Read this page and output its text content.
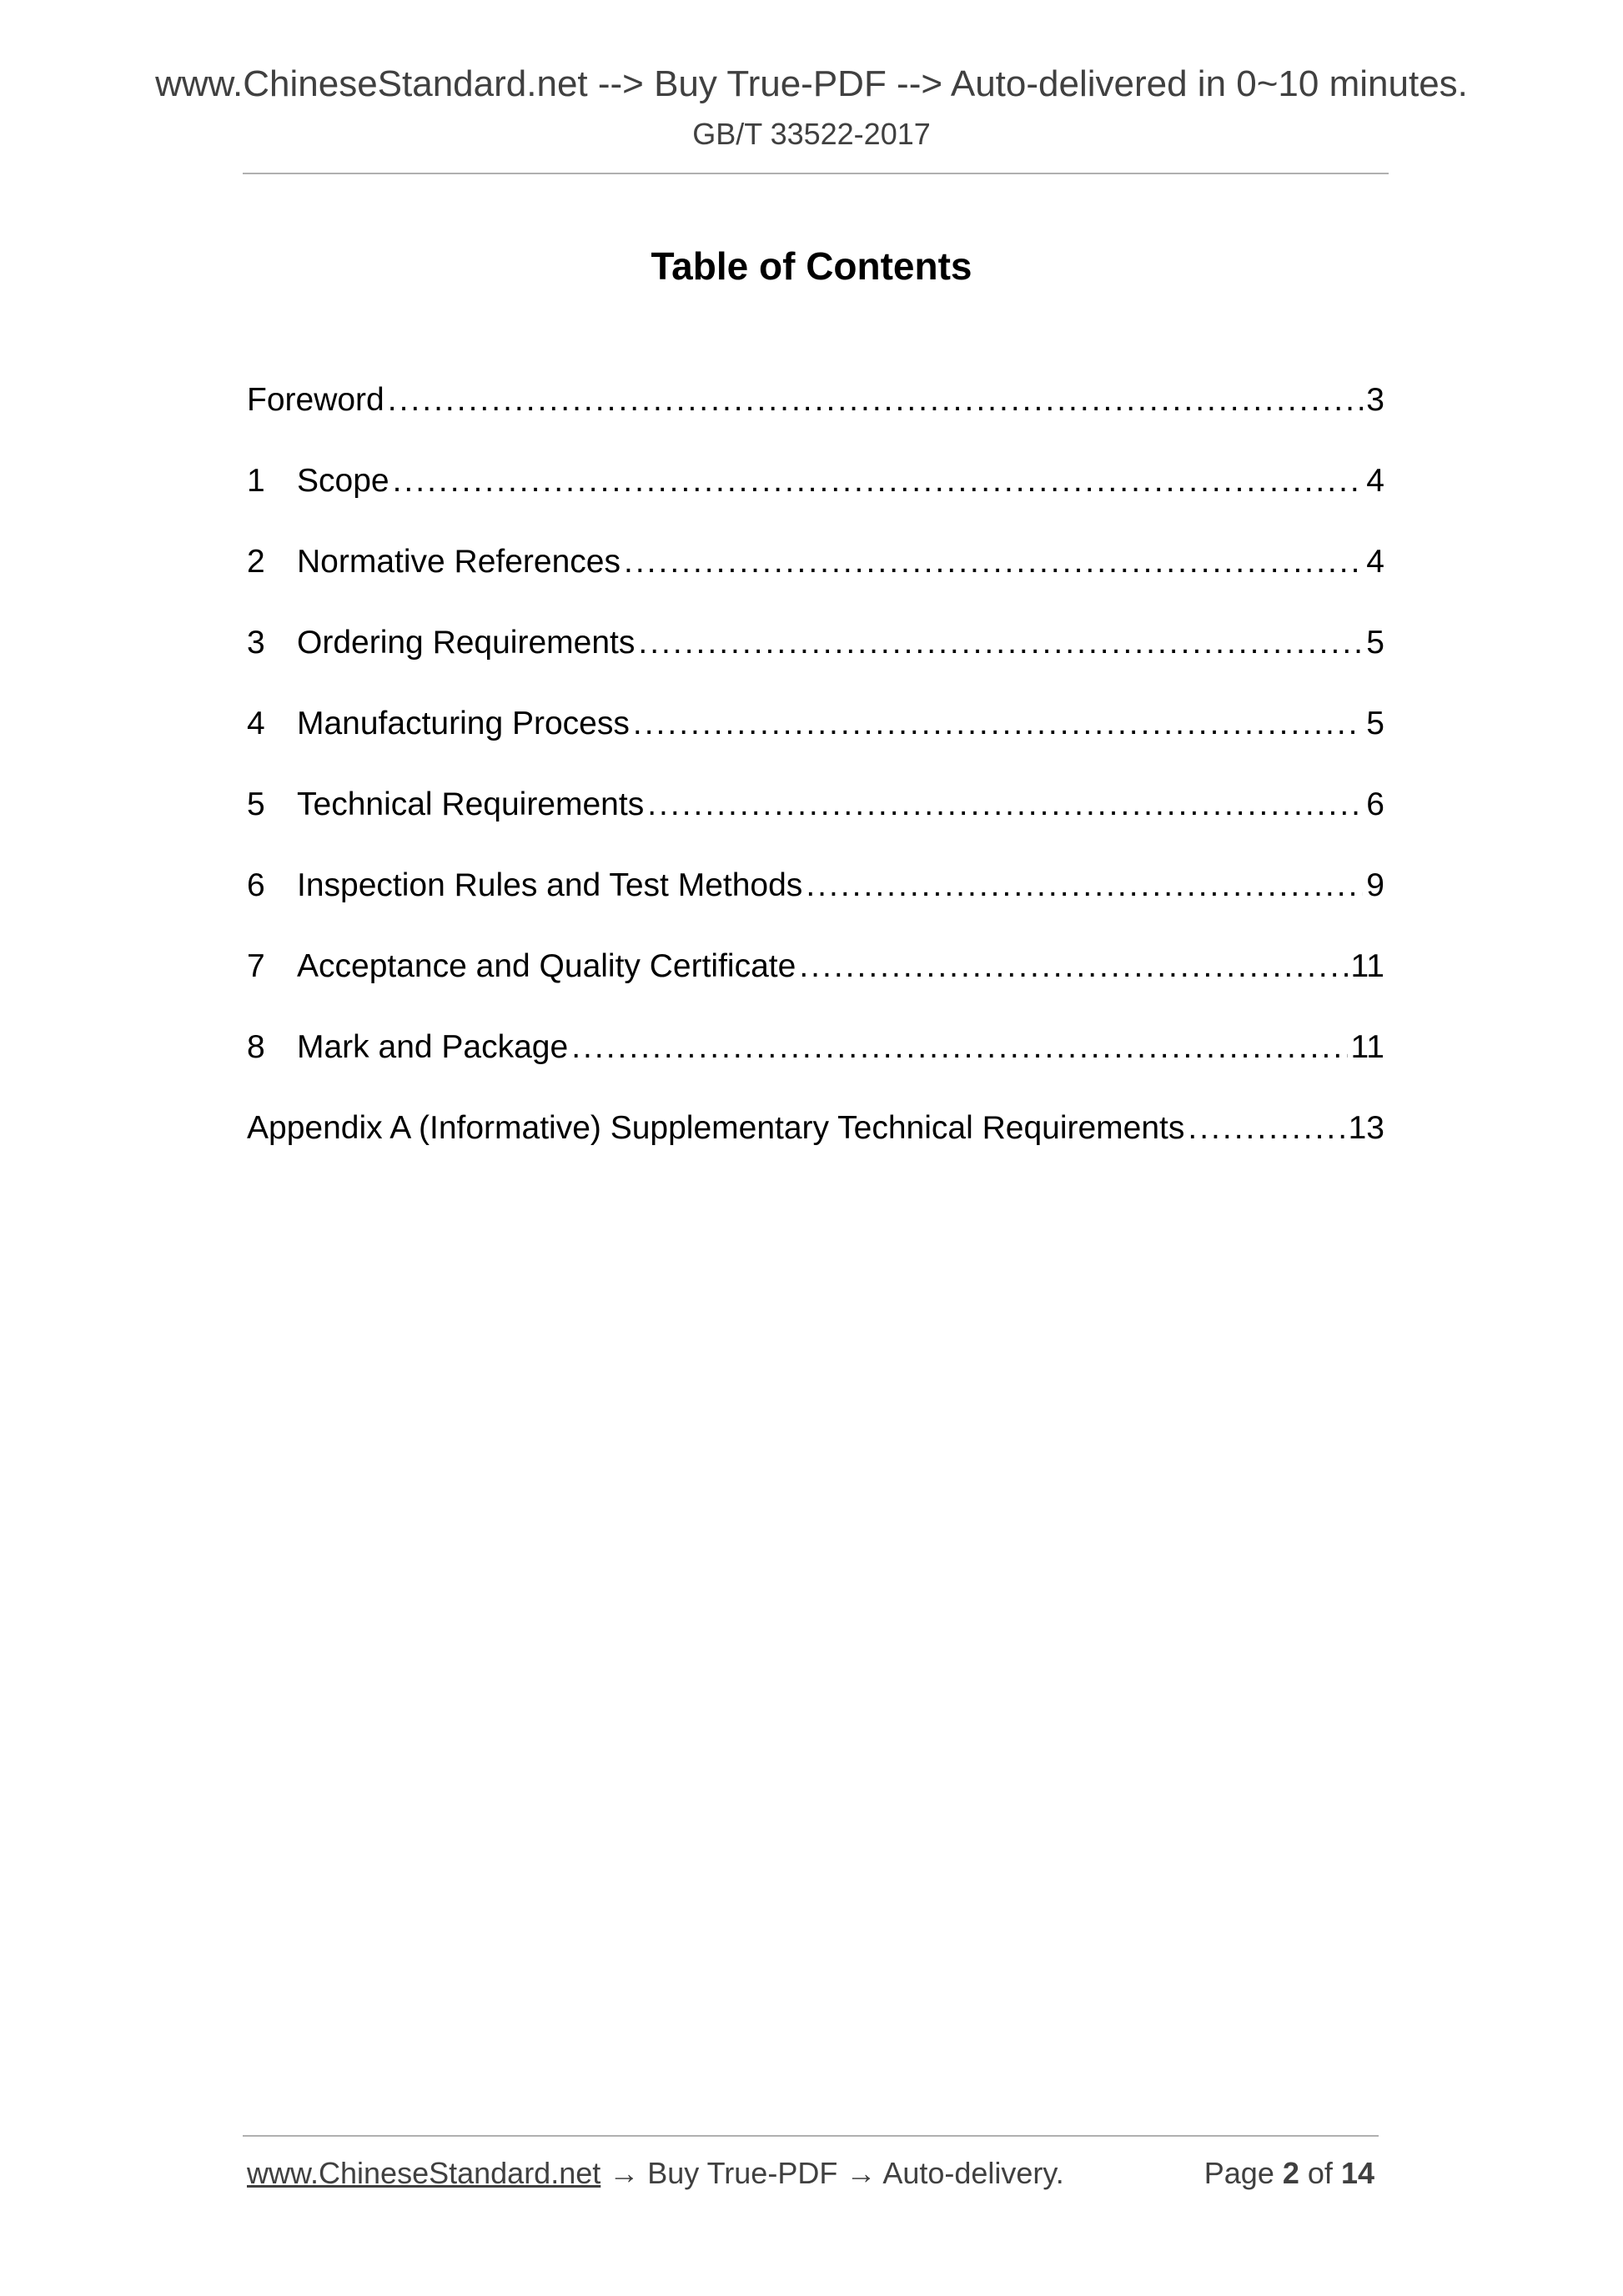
www.ChineseStandard.net --> Buy True-PDF --> Auto-delivered in 0~10 minutes.
GB/T 33522-2017
Table of Contents
Foreword .....	3
1 Scope .....	4
2 Normative References .....	4
3 Ordering Requirements .....	5
4 Manufacturing Process .....	5
5 Technical Requirements .....	6
6 Inspection Rules and Test Methods .....	9
7 Acceptance and Quality Certificate .....	11
8 Mark and Package .....	11
Appendix A (Informative) Supplementary Technical Requirements .....	13
www.ChineseStandard.net → Buy True-PDF → Auto-delivery.	Page 2 of 14
